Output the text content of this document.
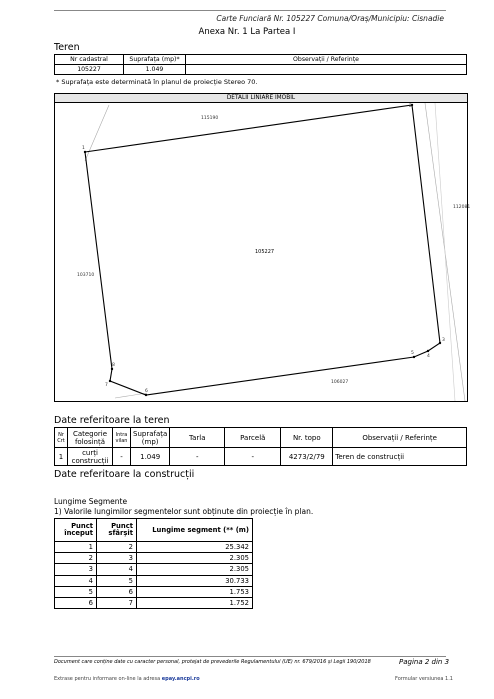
Carte Funciară Nr. 105227 Comuna/Oraș/Municipiu: Cisnadie
Anexa Nr. 1 La Partea I
Teren
Nr cadastral	Suprafața (mp)*	Observații / Referințe
105227	1.049	
* Suprafața este determinată în planul de proiecție Stereo 70.
DETALII LINIARE IMOBIL
1
2
3
4
5
6
7
8
115190
112081
103710
106027
105227
Date referitoare la teren
Nr Crt	Categorie folosință	Intra vilan	Suprafața (mp)	Tarla	Parcelă	Nr. topo	Observații / Referințe
1	curți construcții	-	1.049	-	-	4273/2/79	Teren de construcții
Date referitoare la construcții
Lungime Segmente
1) Valorile lungimilor segmentelor sunt obținute din proiecție în plan.
Punct început	Punct sfârșit	Lungime segment (** (m)
1	2	25.342
2	3	2.305
3	4	2.305
4	5	30.733
5	6	1.753
6	7	1.752
Document care conține date cu caracter personal, protejat de prevederile Regulamentului (UE) nr. 679/2016 și Legii 190/2018	Pagina 2 din 3
Extrase pentru informare on-line la adresa epay.ancpi.ro	Formular versiunea 1.1
